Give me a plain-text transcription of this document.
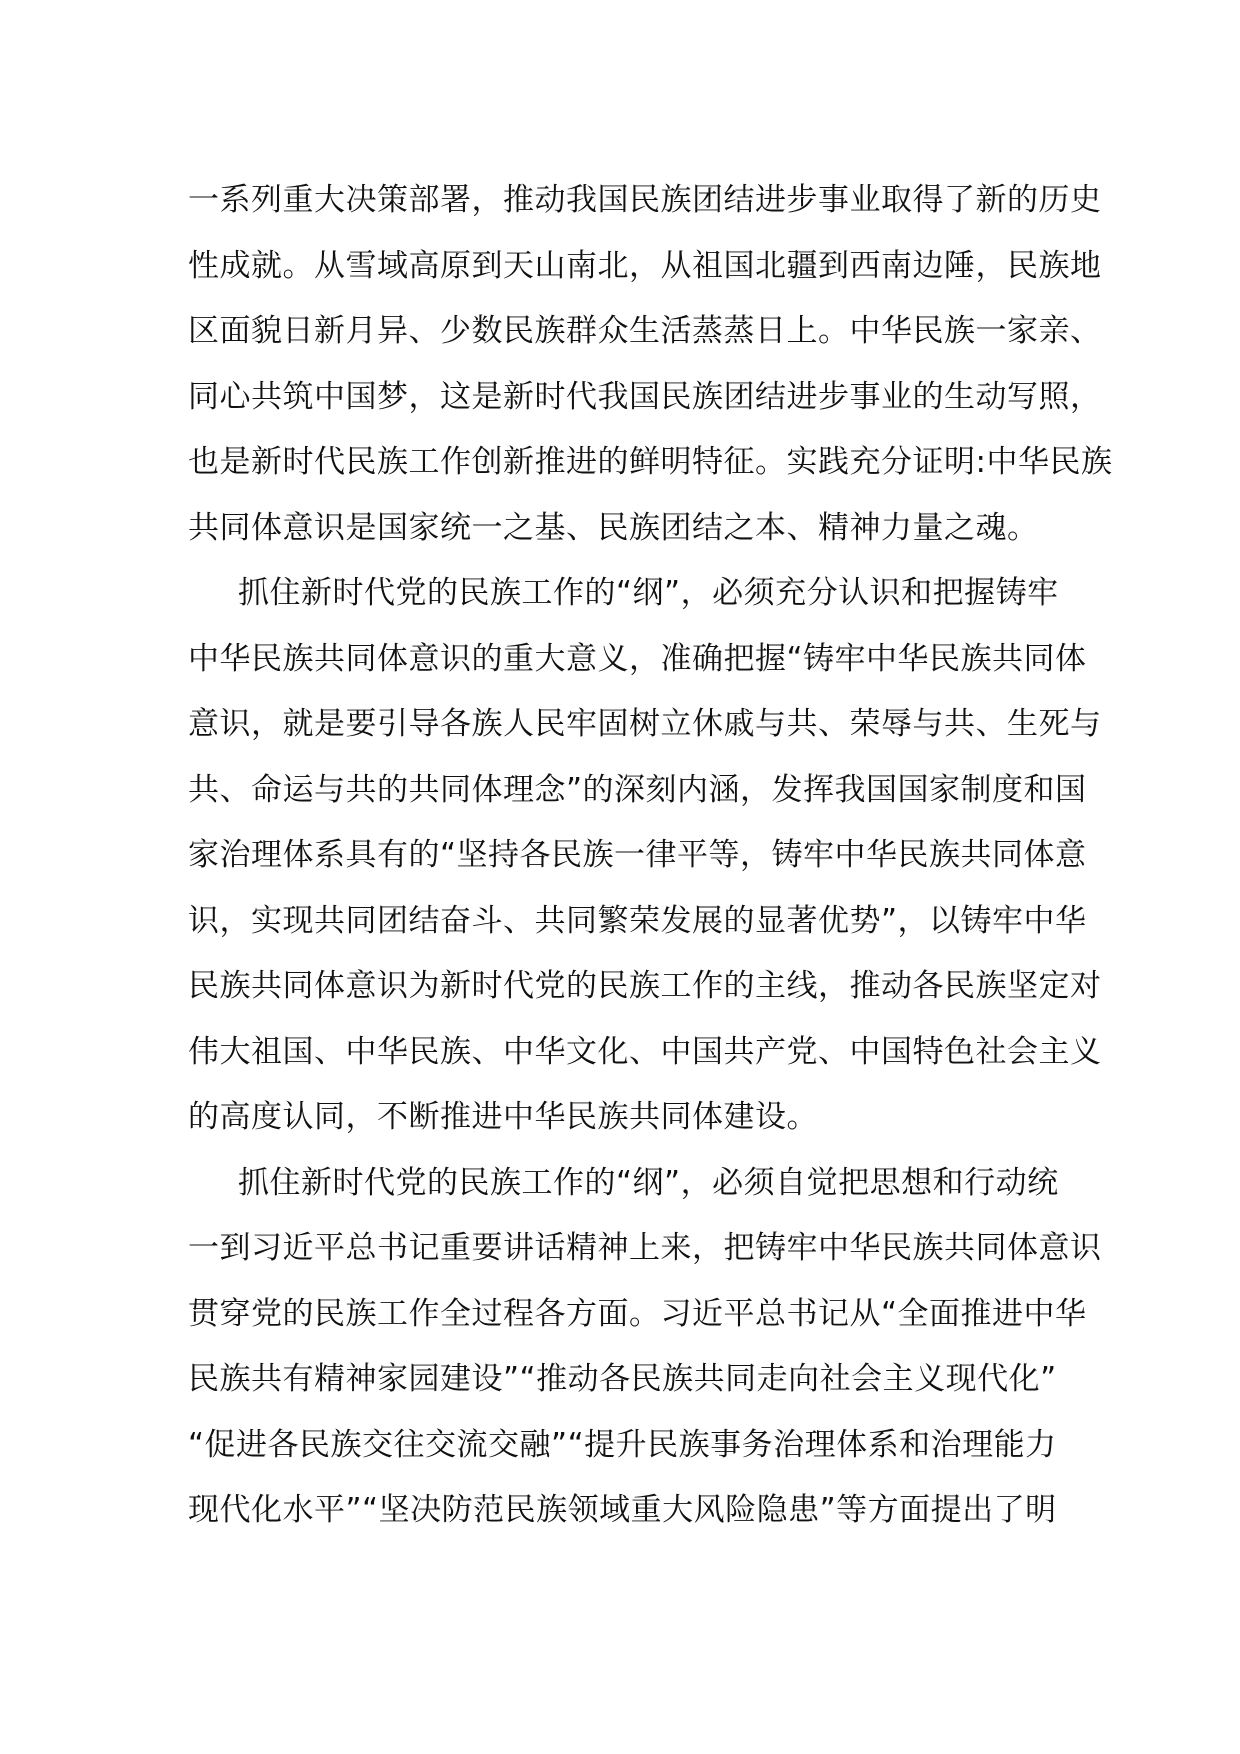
一系列重大决策部署，推动我国民族团结进步事业取得了新的历史
性成就。从雪域高原到天山南北，从祖国北疆到西南边陲，民族地
区面貌日新月异、少数民族群众生活蒸蒸日上。中华民族一家亲、
同心共筑中国梦，这是新时代我国民族团结进步事业的生动写照，
也是新时代民族工作创新推进的鲜明特征。实践充分证明:中华民族
共同体意识是国家统一之基、民族团结之本、精神力量之魂。
抓住新时代党的民族工作的“纲”，必须充分认识和把握铸牢
中华民族共同体意识的重大意义，准确把握“铸牢中华民族共同体
意识，就是要引导各族人民牢固树立休戚与共、荣辱与共、生死与
共、命运与共的共同体理念”的深刻内涵，发挥我国国家制度和国
家治理体系具有的“坚持各民族一律平等，铸牢中华民族共同体意
识，实现共同团结奋斗、共同繁荣发展的显著优势”，以铸牢中华
民族共同体意识为新时代党的民族工作的主线，推动各民族坚定对
伟大祖国、中华民族、中华文化、中国共产党、中国特色社会主义
的高度认同，不断推进中华民族共同体建设。
抓住新时代党的民族工作的“纲”，必须自觉把思想和行动统
一到习近平总书记重要讲话精神上来，把铸牢中华民族共同体意识
贯穿党的民族工作全过程各方面。习近平总书记从“全面推进中华
民族共有精神家园建设”“推动各民族共同走向社会主义现代化”
“促进各民族交往交流交融”“提升民族事务治理体系和治理能力
现代化水平”“坚决防范民族领域重大风险隐患”等方面提出了明
